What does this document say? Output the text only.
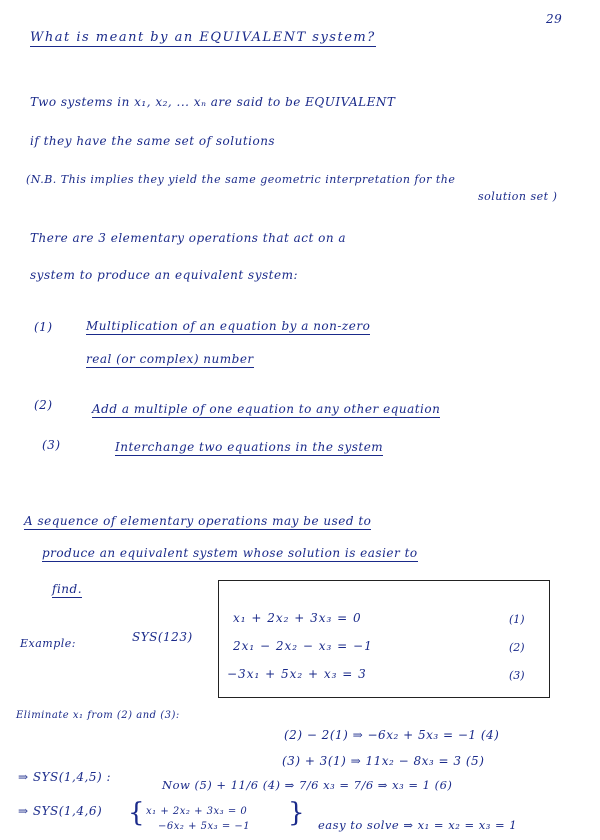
29
What is meant by an EQUIVALENT system?
Two systems in x₁, x₂, ... xₙ are said to be EQUIVALENT
if they have the same set of solutions
(N.B. This implies they yield the same geometric interpretation for the
solution set )
There are 3 elementary operations that act on a
system to produce an equivalent system:
(1)	Multiplication of an equation by a non-zero
real (or complex) number
(2)	Add a multiple of one equation to any other equation
(3)	Interchange two equations in the system
A sequence of elementary operations may be used to
produce an equivalent system whose solution is easier to
find.
Example:	SYS(123)
x₁ + 2x₂ + 3x₃ = 0	(1)
2x₁ − 2x₂ − x₃ = −1	(2)
−3x₁ + 5x₂ + x₃ = 3	(3)
Eliminate x₁ from (2) and (3):
(2) − 2(1) ⇒ −6x₂ + 5x₃ = −1 (4)
(3) + 3(1) ⇒ 11x₂ − 8x₃ = 3 (5)
⇒ SYS(1,4,5) :
Now (5) + 11/6 (4) ⇒ 7/6 x₃ = 7/6 ⇒ x₃ = 1 (6)
⇒ SYS(1,4,6) { x₁ + 2x₂ + 3x₃ = 0
−6x₂ + 5x₃ = −1 } easy to solve ⇒ x₁ = x₂ = x₃ = 1
